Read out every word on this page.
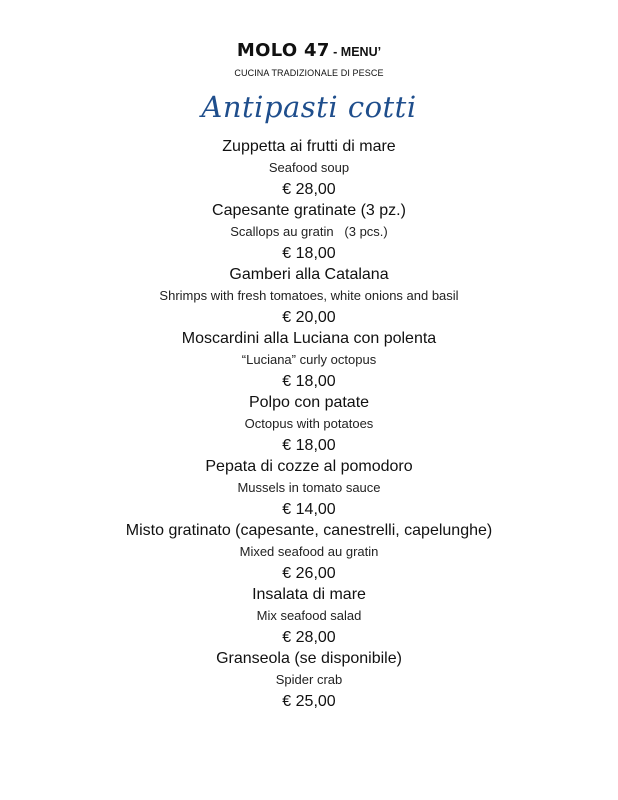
MOLO 47 - MENU’
CUCINA TRADIZIONALE DI PESCE
Antipasti cotti
Zuppetta ai frutti di mare
Seafood soup
€ 28,00
Capesante gratinate (3 pz.)
Scallops au gratin   (3 pcs.)
€ 18,00
Gamberi alla Catalana
Shrimps with fresh tomatoes, white onions and basil
€ 20,00
Moscardini alla Luciana con polenta
“Luciana” curly octopus
€ 18,00
Polpo con patate
Octopus with potatoes
€ 18,00
Pepata di cozze al pomodoro
Mussels in tomato sauce
€ 14,00
Misto gratinato (capesante, canestrelli, capelunghe)
Mixed seafood au gratin
€ 26,00
Insalata di mare
Mix seafood salad
€ 28,00
Granseola (se disponibile)
Spider crab
€ 25,00
